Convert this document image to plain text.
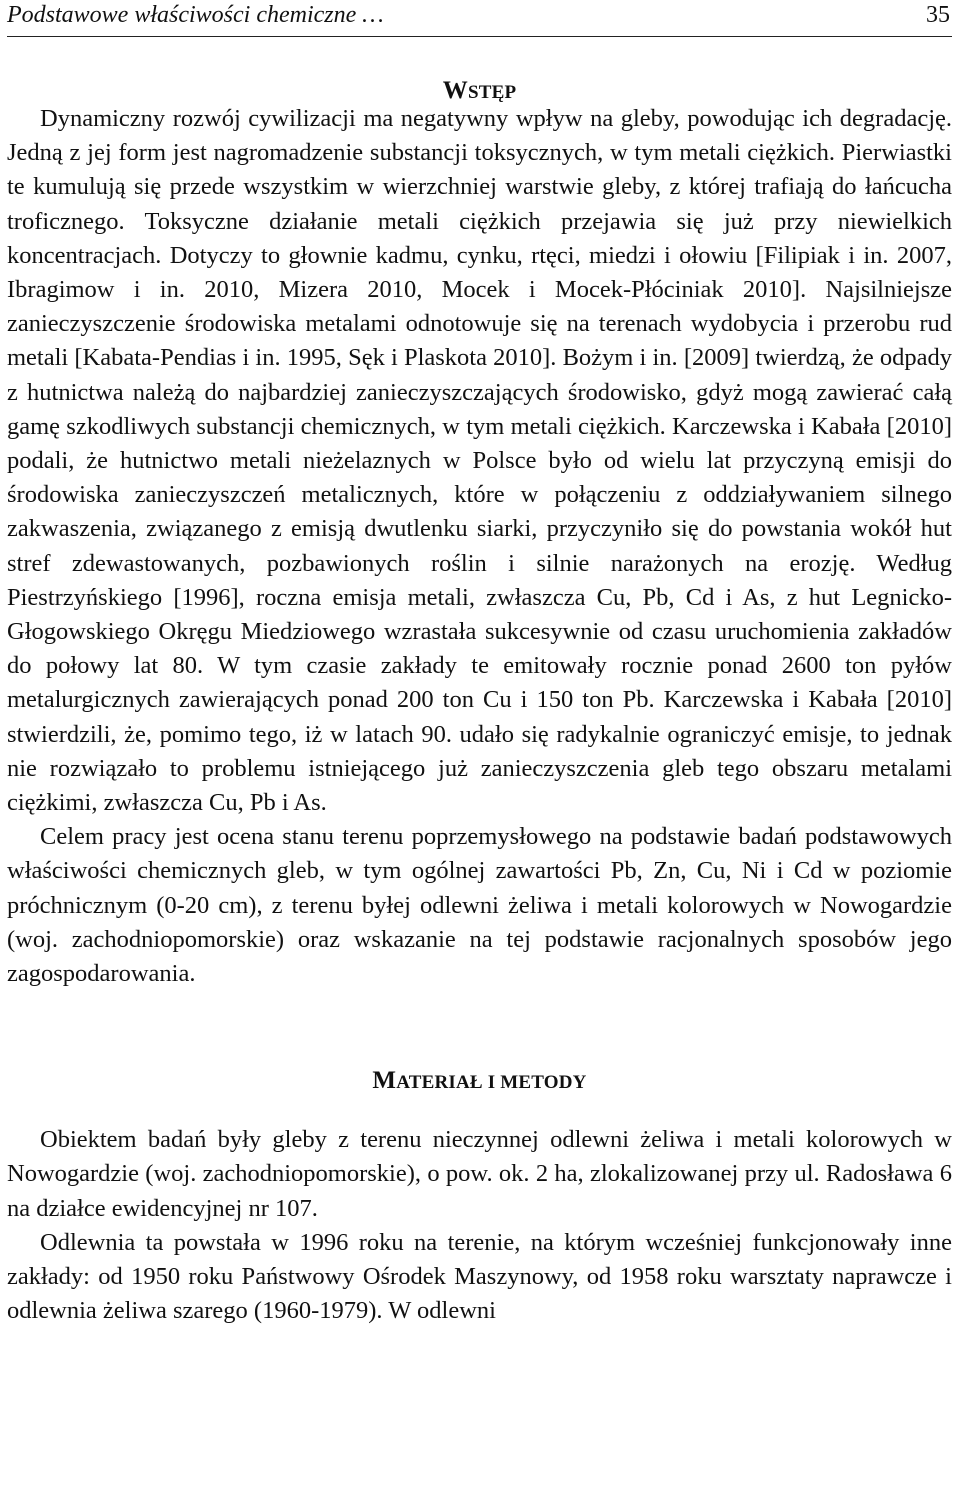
Podstawowe właściwości chemiczne …	35
WSTĘP

Dynamiczny rozwój cywilizacji ma negatywny wpływ na gleby, powodując ich degradację. Jedną z jej form jest nagromadzenie substancji toksycznych, w tym metali ciężkich. Pierwiastki te kumulują się przede wszystkim w wierzchniej warstwie gleby, z której trafiają do łańcucha troficznego. Toksyczne działanie metali ciężkich przejawia się już przy niewielkich koncentracjach. Dotyczy to głownie kadmu, cynku, rtęci, miedzi i ołowiu [Filipiak i in. 2007, Ibragimow i in. 2010, Mizera 2010, Mocek i Mocek-Płóciniak 2010]. Najsilniejsze zanieczyszczenie środowiska metalami odnotowuje się na terenach wydobycia i przerobu rud metali [Kabata-Pendias i in. 1995, Sęk i Plaskota 2010]. Bożym i in. [2009] twierdzą, że odpady z hutnictwa należą do najbardziej zanieczyszczających środowisko, gdyż mogą zawierać całą gamę szkodliwych substancji chemicznych, w tym metali ciężkich. Karczewska i Kabała [2010] podali, że hutnictwo metali nieżelaznych w Polsce było od wielu lat przyczyną emisji do środowiska zanieczyszczeń metalicznych, które w połączeniu z oddziaływaniem silnego zakwaszenia, związanego z emisją dwutlenku siarki, przyczyniło się do powstania wokół hut stref zdewastowanych, pozbawionych roślin i silnie narażonych na erozję. Według Piestrzyńskiego [1996], roczna emisja metali, zwłaszcza Cu, Pb, Cd i As, z hut Legnicko-Głogowskiego Okręgu Miedziowego wzrastała sukcesywnie od czasu uruchomienia zakładów do połowy lat 80. W tym czasie zakłady te emitowały rocznie ponad 2600 ton pyłów metalurgicznych zawierających ponad 200 ton Cu i 150 ton Pb. Karczewska i Kabała [2010] stwierdzili, że, pomimo tego, iż w latach 90. udało się radykalnie ograniczyć emisje, to jednak nie rozwiązało to problemu istniejącego już zanieczyszczenia gleb tego obszaru metalami ciężkimi, zwłaszcza Cu, Pb i As.

Celem pracy jest ocena stanu terenu poprzemysłowego na podstawie badań podstawowych właściwości chemicznych gleb, w tym ogólnej zawartości Pb, Zn, Cu, Ni i Cd w poziomie próchnicznym (0-20 cm), z terenu byłej odlewni żeliwa i metali kolorowych w Nowogardzie (woj. zachodniopomorskie) oraz wskazanie na tej podstawie racjonalnych sposobów jego zagospodarowania.

MATERIAŁ I METODY

Obiektem badań były gleby z terenu nieczynnej odlewni żeliwa i metali kolorowych w Nowogardzie (woj. zachodniopomorskie), o pow. ok. 2 ha, zlokalizowanej przy ul. Radosława 6 na działce ewidencyjnej nr 107.

Odlewnia ta powstała w 1996 roku na terenie, na którym wcześniej funkcjonowały inne zakłady: od 1950 roku Państwowy Ośrodek Maszynowy, od 1958 roku warsztaty naprawcze i odlewnia żeliwa szarego (1960-1979). W odlewni
